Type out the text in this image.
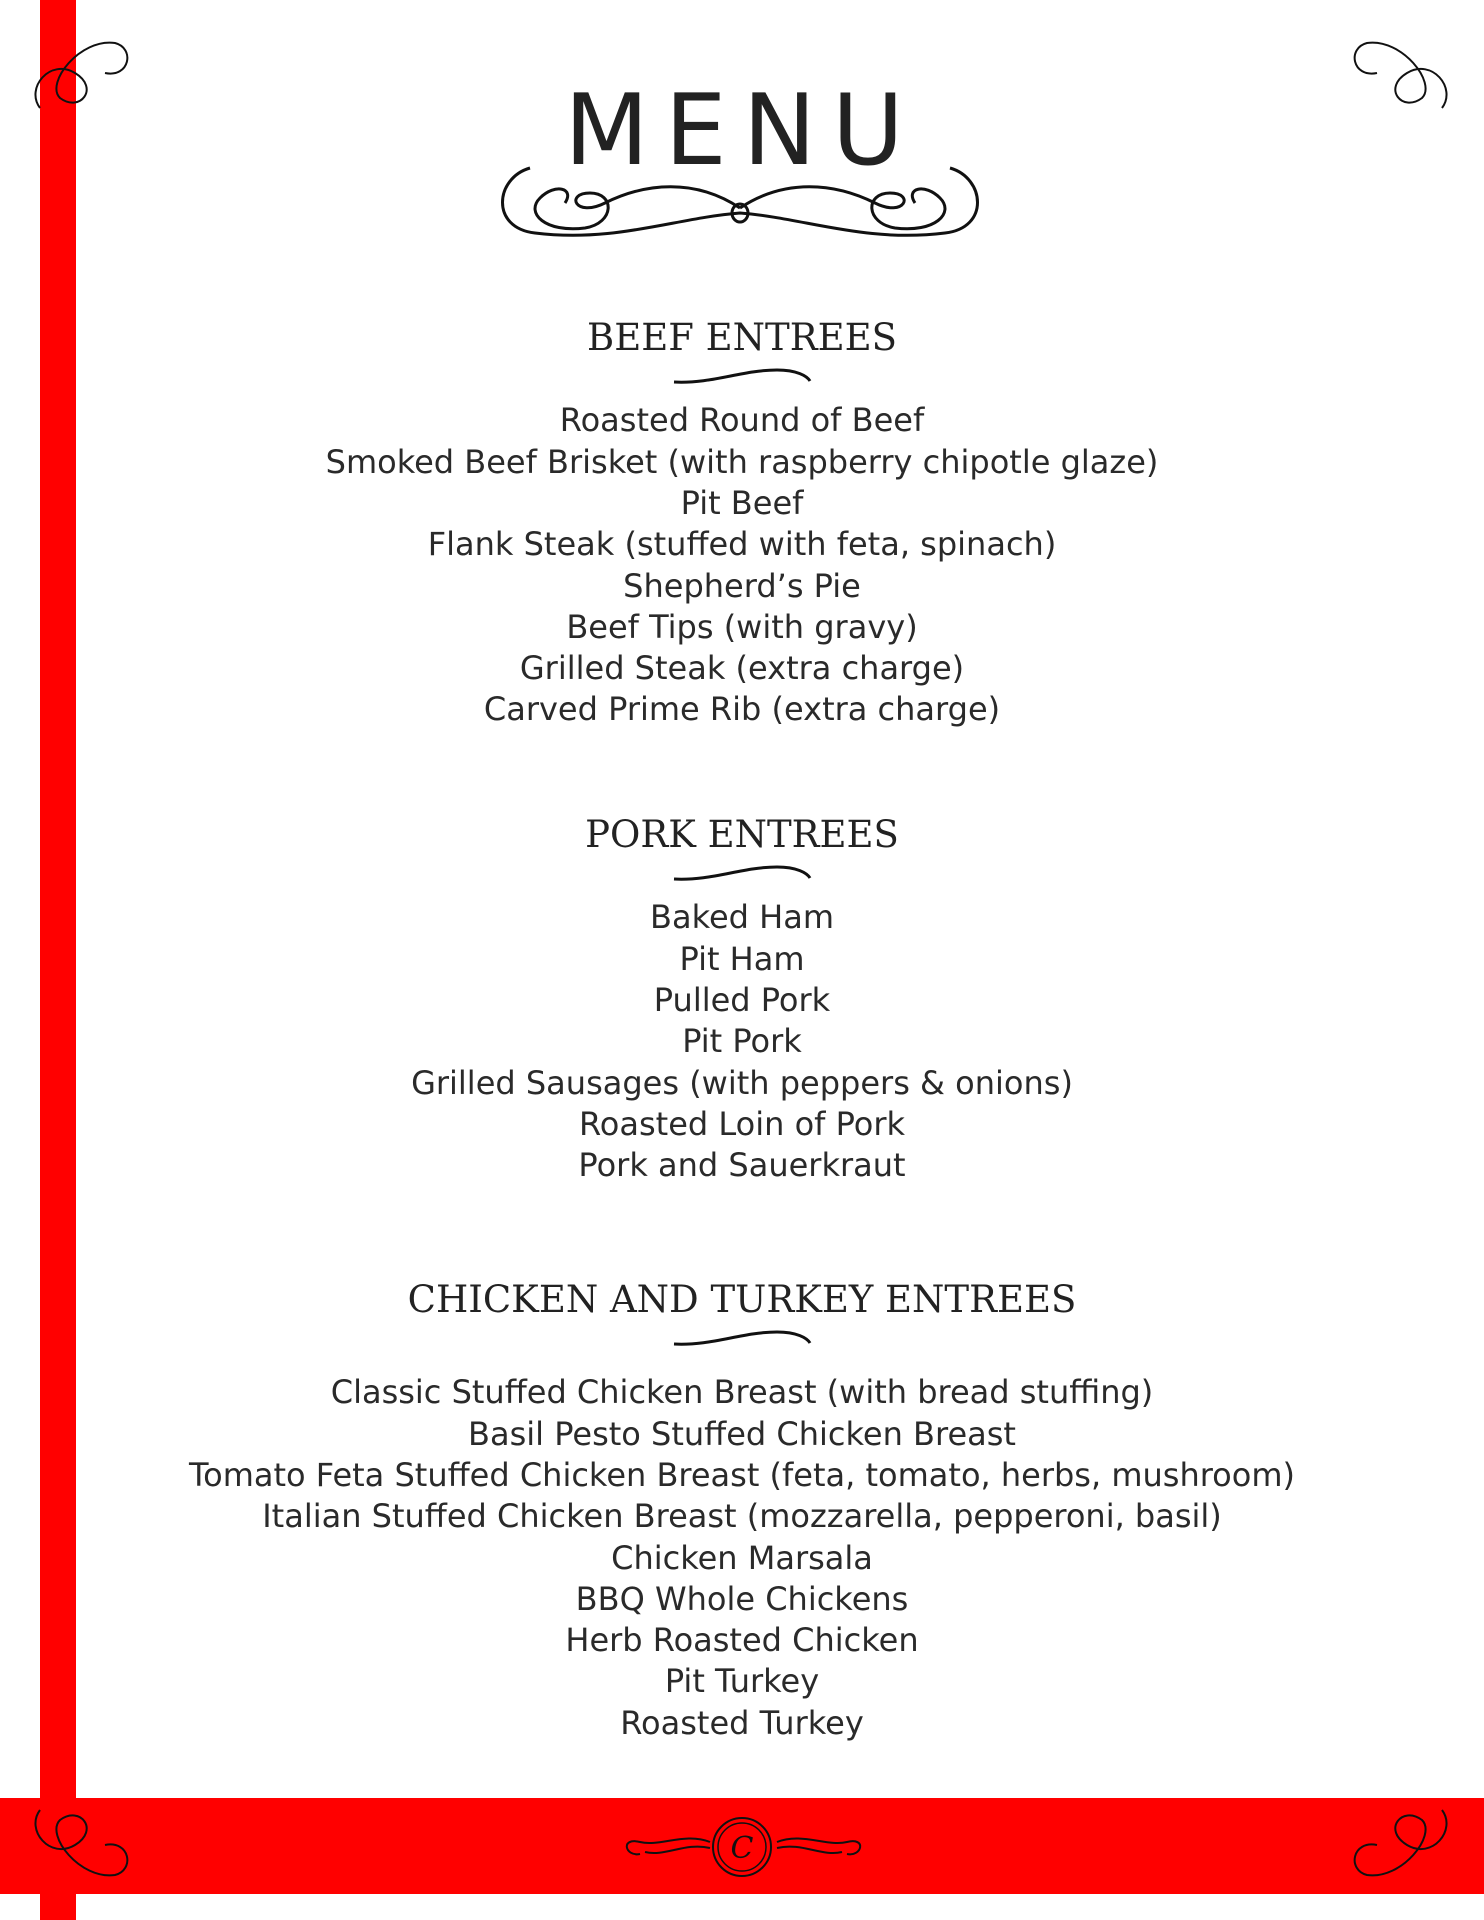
MENU
BEEF ENTREES
Roasted Round of Beef
Smoked Beef Brisket (with raspberry chipotle glaze)
Pit Beef
Flank Steak (stuffed with feta, spinach)
Shepherd’s Pie
Beef Tips (with gravy)
Grilled Steak (extra charge)
Carved Prime Rib (extra charge)
PORK ENTREES
Baked Ham
Pit Ham
Pulled Pork
Pit Pork
Grilled Sausages (with peppers & onions)
Roasted Loin of Pork
Pork and Sauerkraut
CHICKEN AND TURKEY ENTREES
Classic Stuffed Chicken Breast (with bread stuffing)
Basil Pesto Stuffed Chicken Breast
Tomato Feta Stuffed Chicken Breast (feta, tomato, herbs, mushroom)
Italian Stuffed Chicken Breast (mozzarella, pepperoni, basil)
Chicken Marsala
BBQ Whole Chickens
Herb Roasted Chicken
Pit Turkey
Roasted Turkey
C
